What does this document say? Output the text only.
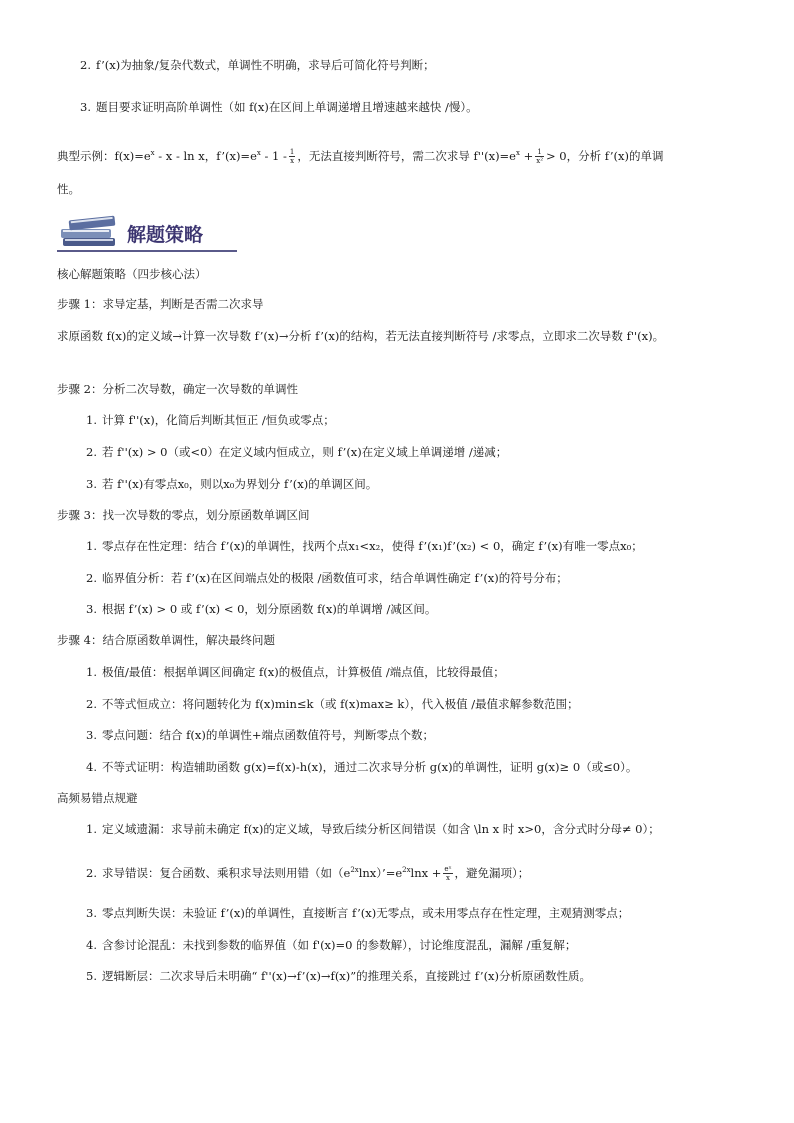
2. f’(x)为抽象/复杂代数式，单调性不明确，求导后可简化符号判断；
3. 题目要求证明高阶单调性（如 f(x)在区间上单调递增且增速越来越快 /慢）。
典型示例：$f(x)=e^x - x - \ln x$，$f’(x)=e^x - 1 - \frac{1}{x}$ ，无法直接判断符号，需二次求导 $f''(x)=e^x + \frac{1}{\text{x²}} > 0$，分析 f’(x)的单调
性。
解题策略
核心解题策略（四步核心法）
步骤 1：求导定基，判断是否需二次求导
求原函数 f(x)的定义域→计算一次导数 f’(x)→分析 f’(x)的结构，若无法直接判断符号 /求零点，立即求二次导数 f''(x)。
步骤 2：分析二次导数，确定一次导数的单调性
1. 计算 f''(x)，化简后判断其恒正 /恒负或零点；
2. 若 f''(x) > 0（或<0）在定义域内恒成立，则 f’(x)在定义域上单调递增 /递减；
3. 若 f''(x)有零点x₀，则以x₀为界划分 f’(x)的单调区间。
步骤 3：找一次导数的零点，划分原函数单调区间
1. 零点存在性定理：结合 f’(x)的单调性，找两个点x₁<x₂，使得 f’(x₁)f’(x₂) < 0，确定 f’(x)有唯一零点x₀；
2. 临界值分析：若 f’(x)在区间端点处的极限 /函数值可求，结合单调性确定 f’(x)的符号分布；
3. 根据 f’(x) > 0 或 f’(x) < 0，划分原函数 f(x)的单调增 /减区间。
步骤 4：结合原函数单调性，解决最终问题
1. 极值/最值：根据单调区间确定 f(x)的极值点，计算极值 /端点值，比较得最值；
2. 不等式恒成立：将问题转化为 f(x)min≤k（或 f(x)max≥ k），代入极值 /最值求解参数范围；
3. 零点问题：结合 f(x)的单调性+端点函数值符号，判断零点个数；
4. 不等式证明：构造辅助函数 g(x)=f(x)-h(x)，通过二次求导分析 g(x)的单调性，证明 g(x)≥ 0（或≤0）。
高频易错点规避
1. 定义域遗漏：求导前未确定 f(x)的定义域，导致后续分析区间错误（如含 \ln x 时 x>0，含分式时分母≠ 0）；
2. 求导错误：复合函数、乘积求导法则用错（如$(e^{2x}\ln x)’=e^{2x}\ln x + \frac{\text{eˣ}}{x}$ ，避免漏项）；
3. 零点判断失误：未验证 f’(x)的单调性，直接断言 f’(x)无零点，或未用零点存在性定理，主观猜测零点；
4. 含参讨论混乱：未找到参数的临界值（如 f'(x)=0 的参数解），讨论维度混乱，漏解 /重复解；
5. 逻辑断层：二次求导后未明确“ f''(x)→f’(x)→f(x)”的推理关系，直接跳过 f’(x)分析原函数性质。
